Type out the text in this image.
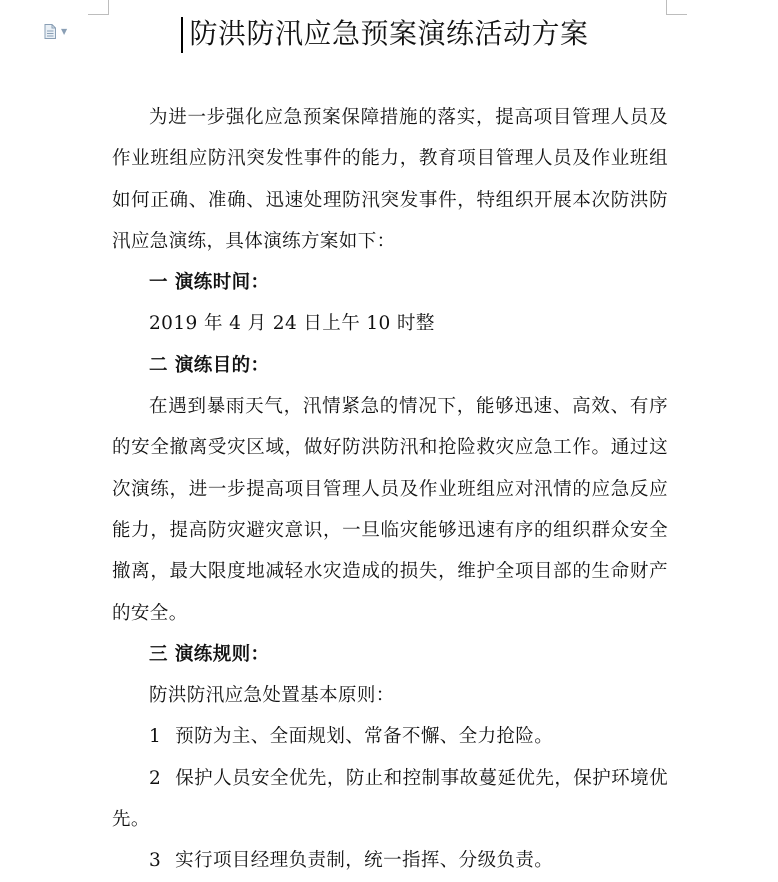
▼	防洪防汛应急预案演练活动方案

为进一步强化应急预案保障措施的落实，提高项目管理人员及作业班组应防汛突发性事件的能力，教育项目管理人员及作业班组如何正确、准确、迅速处理防汛突发事件，特组织开展本次防洪防汛应急演练，具体演练方案如下：

一 演练时间：

2019 年 4 月 24 日上午 10 时整

二 演练目的：

在遇到暴雨天气，汛情紧急的情况下，能够迅速、高效、有序的安全撤离受灾区域，做好防洪防汛和抢险救灾应急工作。通过这次演练，进一步提高项目管理人员及作业班组应对汛情的应急反应能力，提高防灾避灾意识，一旦临灾能够迅速有序的组织群众安全撤离，最大限度地减轻水灾造成的损失，维护全项目部的生命财产的安全。

三 演练规则：

防洪防汛应急处置基本原则：

1 预防为主、全面规划、常备不懈、全力抢险。

2 保护人员安全优先，防止和控制事故蔓延优先，保护环境优先。

3 实行项目经理负责制，统一指挥、分级负责。
